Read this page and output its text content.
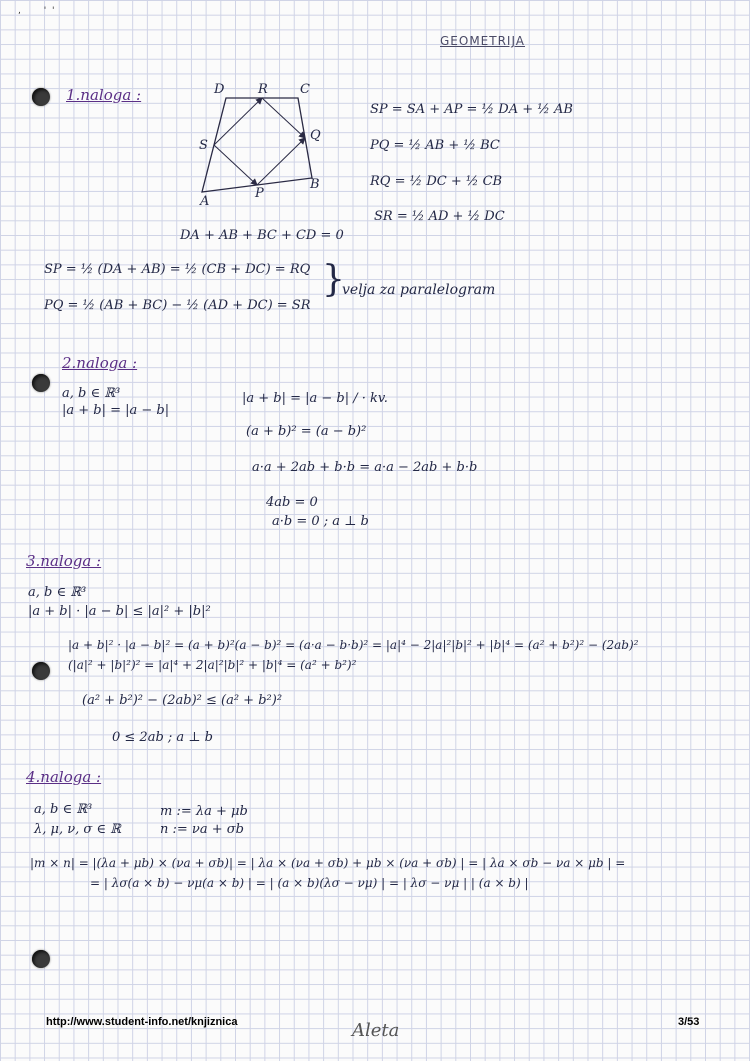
GEOMETRIJA
,        '  '
1.naloga :	D	R C
S
Q
P
B
A
SP = SA + AP = ½ DA + ½ AB
PQ = ½ AB + ½ BC
RQ = ½ DC + ½ CB
SR = ½ AD + ½ DC
DA + AB + BC + CD = 0
SP = ½ (DA + AB) = ½ (CB + DC) = RQ
PQ = ½ (AB + BC) − ½ (AD + DC) = SR
}
velja za paralelogram
2.naloga :
a, b ∈ ℝ³
|a + b| = |a − b|
|a + b| = |a − b| / · kv.
(a + b)² = (a − b)²
a·a + 2ab + b·b = a·a − 2ab + b·b
4ab = 0
a·b = 0 ; a ⊥ b
3.naloga :
a, b ∈ ℝ³
|a + b| · |a − b| ≤ |a|² + |b|²
|a + b|² · |a − b|² = (a + b)²(a − b)² = (a·a − b·b)² = |a|⁴ − 2|a|²|b|² + |b|⁴ = (a² + b²)² − (2ab)²
(|a|² + |b|²)² = |a|⁴ + 2|a|²|b|² + |b|⁴ = (a² + b²)²
(a² + b²)² − (2ab)² ≤ (a² + b²)²
0 ≤ 2ab ; a ⊥ b
4.naloga :
a, b ∈ ℝ³
λ, μ, ν, σ ∈ ℝ
m := λa + μb
n := νa + σb
|m × n| = |(λa + μb) × (νa + σb)| = | λa × (νa + σb) + μb × (νa + σb) | = | λa × σb − νa × μb | =
= | λσ(a × b) − νμ(a × b) | = | (a × b)(λσ − νμ) | = | λσ − νμ | | (a × b) |
http://www.student-info.net/knjiznica	Aleta	3/53
